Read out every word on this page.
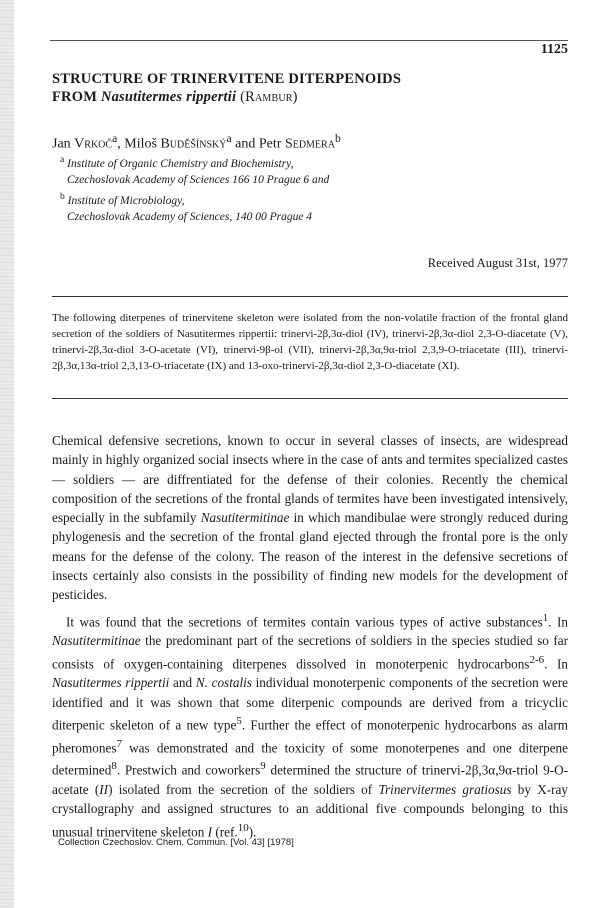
1125
STRUCTURE OF TRINERVITENE DITERPENOIDS
FROM Nasutitermes rippertii (Rambur)
Jan Vrkoč$^a$, Miloš Buděšínský$^a$ and Petr Sedmera$^b$
$^a$ Institute of Organic Chemistry and Biochemistry,
Czechoslovak Academy of Sciences 166 10 Prague 6 and
$^b$ Institute of Microbiology,
Czechoslovak Academy of Sciences, 140 00 Prague 4
Received August 31st, 1977
The following diterpenes of trinervitene skeleton were isolated from the non-volatile fraction of the frontal gland secretion of the soldiers of Nasutitermes rippertii: trinervi-2β,3α-diol (IV), trinervi-2β,3α-diol 2,3-O-diacetate (V), trinervi-2β,3α-diol 3-O-acetate (VI), trinervi-9β-ol (VII), trinervi-2β,3α,9α-triol 2,3,9-O-triacetate (III), trinervi-2β,3α,13α-triol 2,3,13-O-triacetate (IX) and 13-oxo-trinervi-2β,3α-diol 2,3-O-diacetate (XI).

Chemical defensive secretions, known to occur in several classes of insects, are widespread mainly in highly organized social insects where in the case of ants and termites specialized castes — soldiers — are diffrentiated for the defense of their colonies. Recently the chemical composition of the secretions of the frontal glands of termites have been investigated intensively, especially in the subfamily Nasutitermitinae in which mandibulae were strongly reduced during phylogenesis and the secretion of the frontal gland ejected through the frontal pore is the only means for the defense of the colony. The reason of the interest in the defensive secretions of insects certainly also consists in the possibility of finding new models for the development of pesticides.

It was found that the secretions of termites contain various types of active substances$^1$. In Nasutitermitinae the predominant part of the secretions of soldiers in the species studied so far consists of oxygen-containing diterpenes dissolved in monoterpenic hydrocarbons$^{2-6}$. In Nasutitermes rippertii and N. costalis individual monoterpenic components of the secretion were identified and it was shown that some diterpenic compounds are derived from a tricyclic diterpenic skeleton of a new type$^5$. Further the effect of monoterpenic hydrocarbons as alarm pheromones$^7$ was demonstrated and the toxicity of some monoterpenes and one diterpene determined$^8$. Prestwich and coworkers$^9$ determined the structure of trinervi-2β,3α,9α-triol 9-O-acetate (II) isolated from the secretion of the soldiers of Trinervitermes gratiosus by X-ray crystallography and assigned structures to an additional five compounds belonging to this unusual trinervitene skeleton I (ref.$^{10}$).

Collection Czechoslov. Chem. Commun. [Vol. 43] [1978]
